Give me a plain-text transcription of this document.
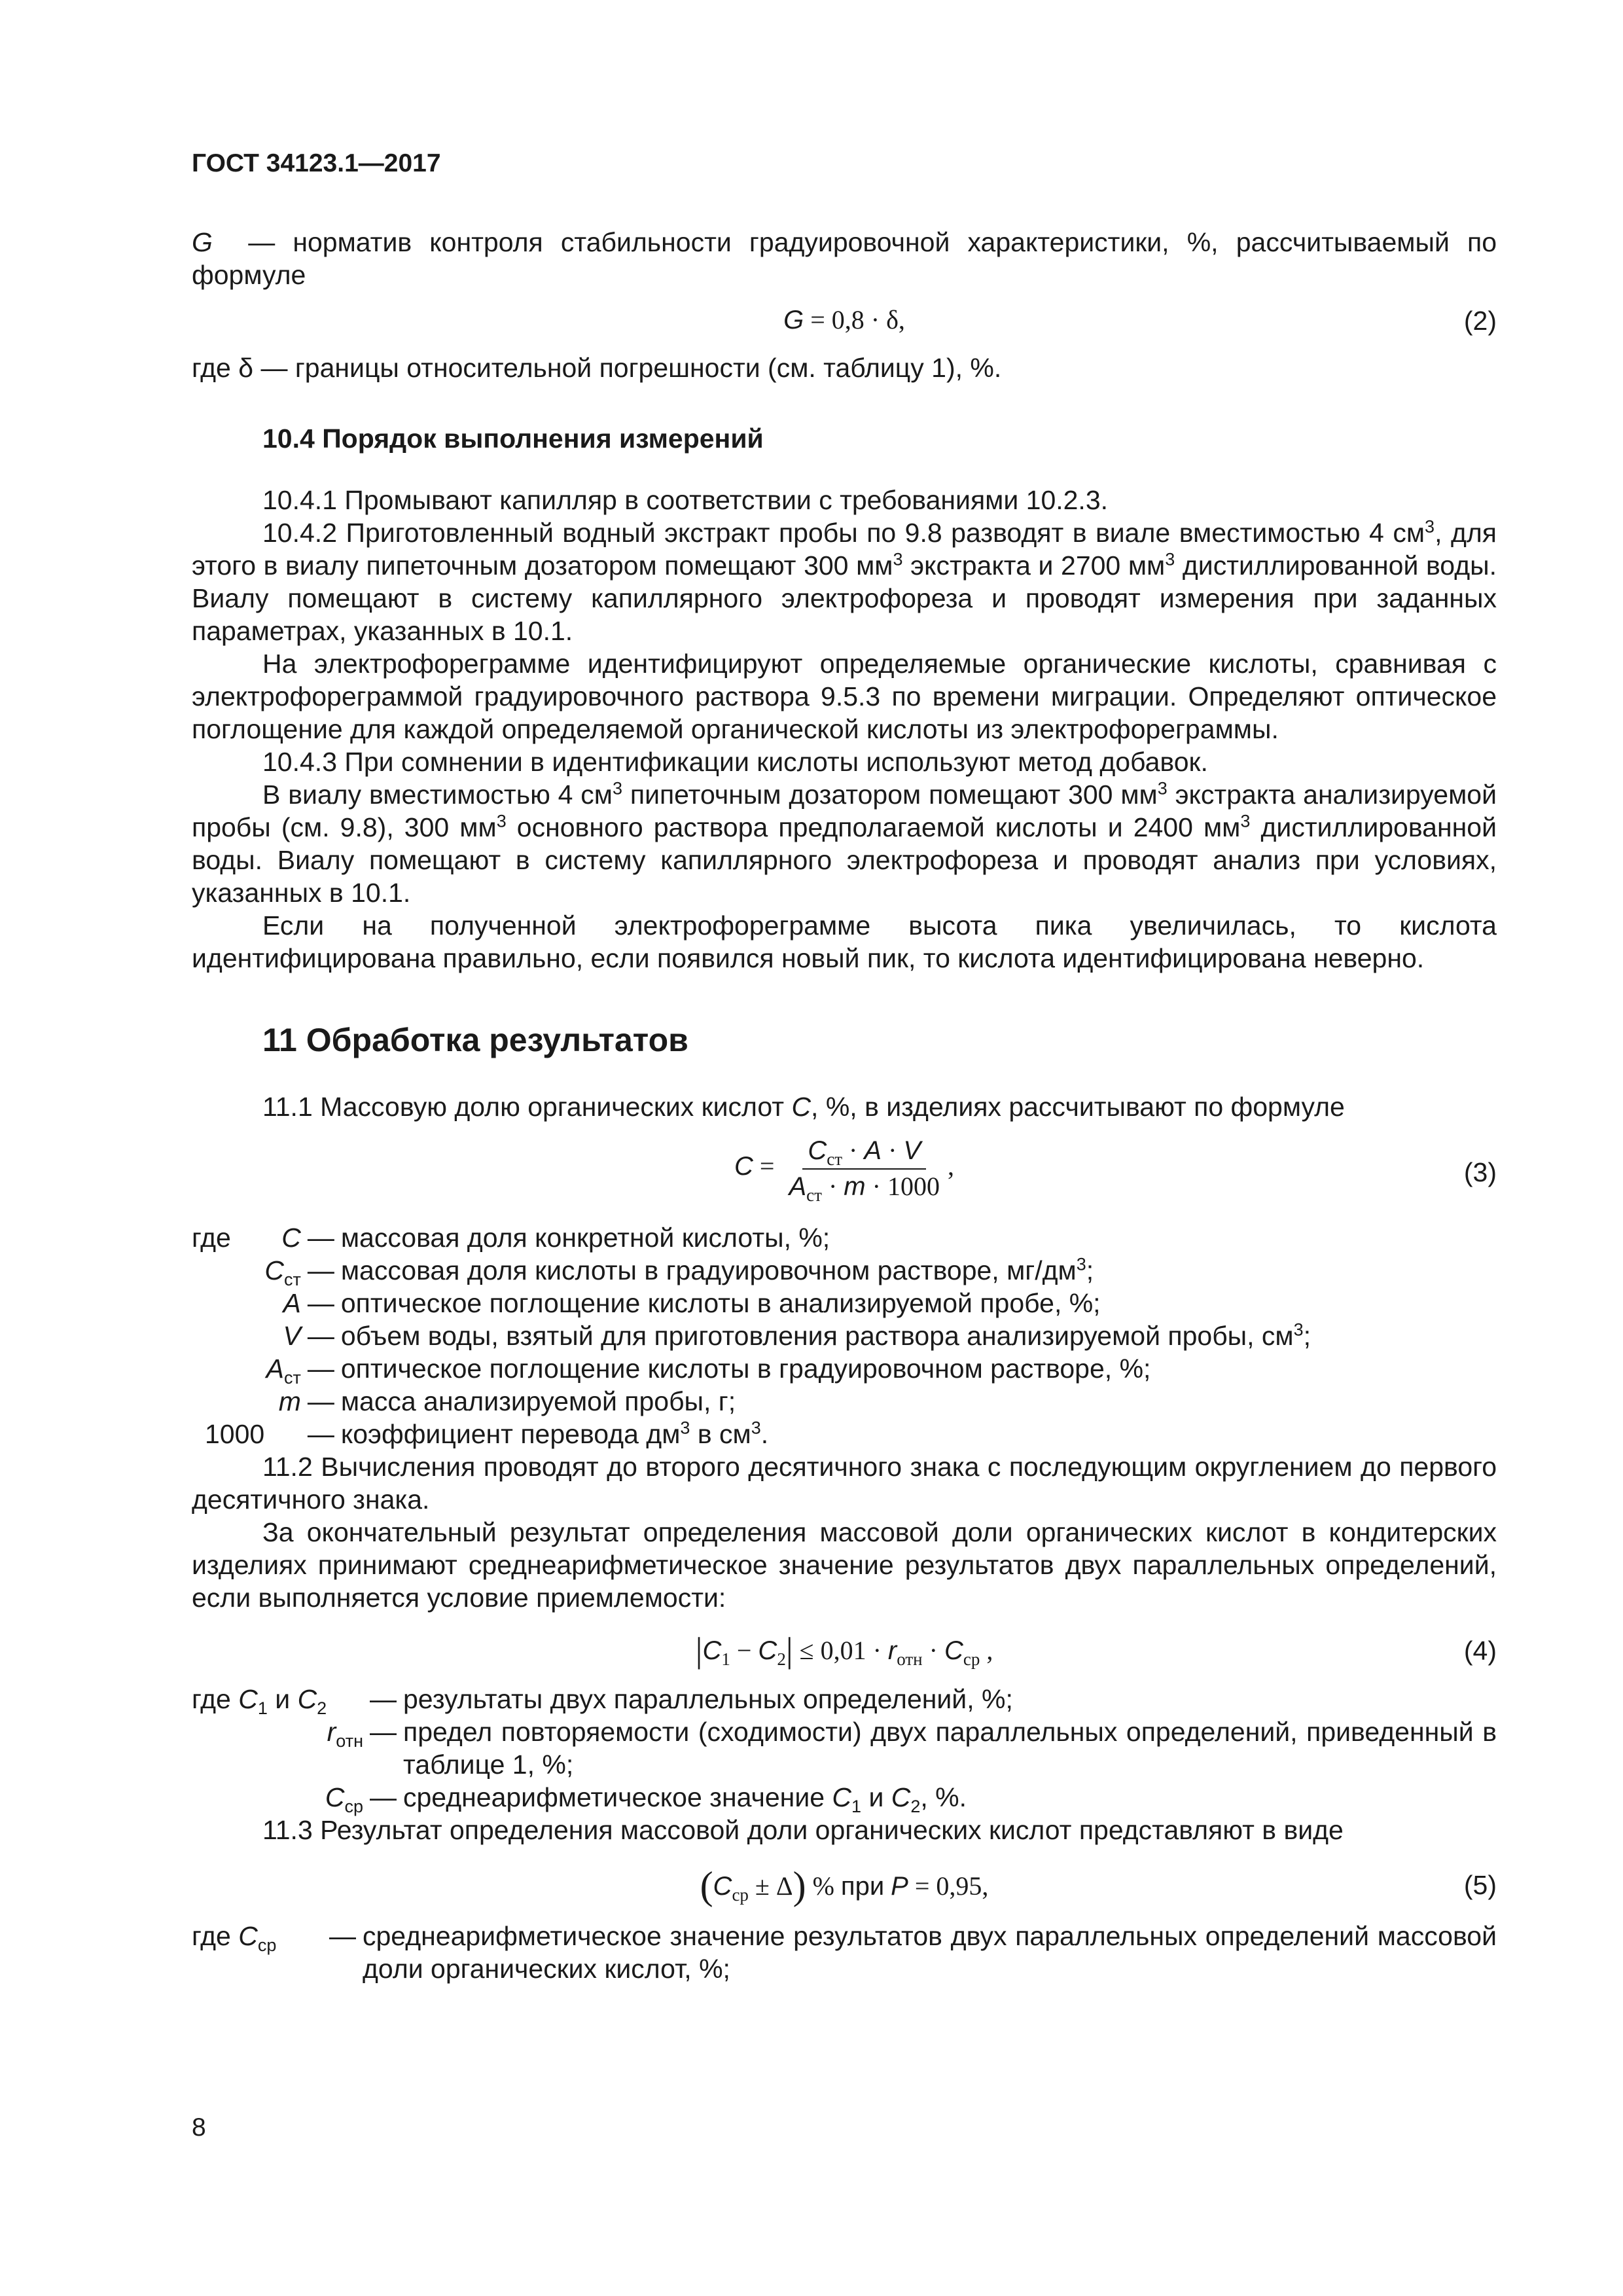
ГОСТ 34123.1—2017

G — норматив контроля стабильности градуировочной характеристики, %, рассчитываемый по формуле

G = 0,8 · δ,	(2)

где δ — границы относительной погрешности (см. таблицу 1), %.

10.4 Порядок выполнения измерений

10.4.1 Промывают капилляр в соответствии с требованиями 10.2.3.

10.4.2 Приготовленный водный экстракт пробы по 9.8 разводят в виале вместимостью 4 $см^3$, для этого в виалу пипеточным дозатором помещают 300 $мм^3$ экстракта и 2700 $мм^3$ дистиллированной воды. Виалу помещают в систему капиллярного электрофореза и проводят измерения при заданных параметрах, указанных в 10.1.

На электрофореграмме идентифицируют определяемые органические кислоты, сравнивая с электрофореграммой градуировочного раствора 9.5.3 по времени миграции. Определяют оптическое поглощение для каждой определяемой органической кислоты из электрофореграммы.

10.4.3 При сомнении в идентификации кислоты используют метод добавок.

В виалу вместимостью 4 $см^3$ пипеточным дозатором помещают 300 $мм^3$ экстракта анализируемой пробы (см. 9.8), 300 $мм^3$ основного раствора предполагаемой кислоты и 2400 $мм^3$ дистиллированной воды. Виалу помещают в систему капиллярного электрофореза и проводят анализ при условиях, указанных в 10.1.

Если на полученной электрофореграмме высота пика увеличилась, то кислота идентифицирована правильно, если появился новый пик, то кислота идентифицирована неверно.

11 Обработка результатов

11.1 Массовую долю органических кислот C, %, в изделиях рассчитывают по формуле

$C = \frac{C_{ст} \cdot A \cdot V}{A_{ст} \cdot m \cdot 1000}$ ,	(3)
где	C	—	массовая доля конкретной кислоты, %;
	$C_{ст}$	—	массовая доля кислоты в градуировочном растворе, $мг/дм^3$;
	A	—	оптическое поглощение кислоты в анализируемой пробе, %;
	V	—	объем воды, взятый для приготовления раствора анализируемой пробы, $см^3$;
	$A_{ст}$	—	оптическое поглощение кислоты в градуировочном растворе, %;
	m	—	масса анализируемой пробы, г;
1000		—	коэффициент перевода $дм^3$ в $см^3$.

11.2 Вычисления проводят до второго десятичного знака с последующим округлением до первого десятичного знака.

За окончательный результат определения массовой доли органических кислот в кондитерских изделиях принимают среднеарифметическое значение результатов двух параллельных определений, если выполняется условие приемлемости:

$|C_1 - C_2| \le 0,01 \cdot r_{отн} \cdot C_{ср}$ ,	(4)
где $C_1$ и $C_2$	—	результаты двух параллельных определений, %;
$r_{отн}$	—	предел повторяемости (сходимости) двух параллельных определений, приведенный в таблице 1, %;
$C_{ср}$	—	среднеарифметическое значение $C_1$ и $C_2$, %.

11.3 Результат определения массовой доли органических кислот представляют в виде

$(C_{ср} \pm \Delta)$ % при P = 0,95,	(5)
где $C_{ср}$	—	среднеарифметическое значение результатов двух параллельных определений массовой доли органических кислот, %;
8
